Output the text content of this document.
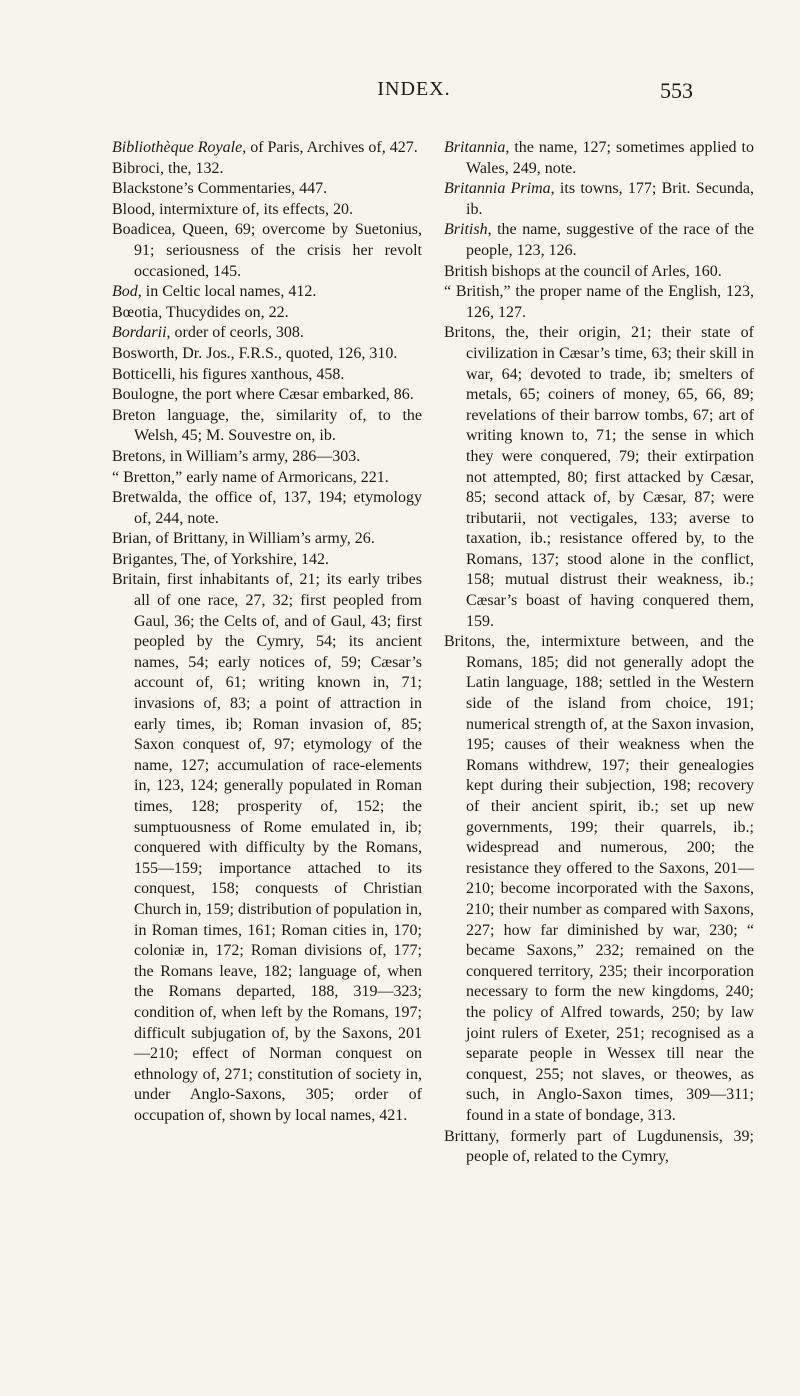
INDEX.	553

Bibliothèque Royale, of Paris, Archives of, 427.

Bibroci, the, 132.

Blackstone’s Commentaries, 447.

Blood, intermixture of, its effects, 20.

Boadicea, Queen, 69; overcome by Suetonius, 91; seriousness of the crisis her revolt occasioned, 145.

Bod, in Celtic local names, 412.

Bœotia, Thucydides on, 22.

Bordarii, order of ceorls, 308.

Bosworth, Dr. Jos., F.R.S., quoted, 126, 310.

Botticelli, his figures xanthous, 458.

Boulogne, the port where Cæsar embarked, 86.

Breton language, the, similarity of, to the Welsh, 45; M. Souvestre on, ib.

Bretons, in William’s army, 286—303.

“ Bretton,” early name of Armoricans, 221.

Bretwalda, the office of, 137, 194; etymology of, 244, note.

Brian, of Brittany, in William’s army, 26.

Brigantes, The, of Yorkshire, 142.

Britain, first inhabitants of, 21; its early tribes all of one race, 27, 32; first peopled from Gaul, 36; the Celts of, and of Gaul, 43; first peopled by the Cymry, 54; its ancient names, 54; early notices of, 59; Cæsar’s account of, 61; writing known in, 71; invasions of, 83; a point of attraction in early times, ib; Roman invasion of, 85; Saxon conquest of, 97; etymology of the name, 127; accumulation of race-elements in, 123, 124; generally populated in Roman times, 128; prosperity of, 152; the sumptuousness of Rome emulated in, ib; conquered with difficulty by the Romans, 155—159; importance attached to its conquest, 158; conquests of Christian Church in, 159; distribution of population in, in Roman times, 161; Roman cities in, 170; coloniæ in, 172; Roman divisions of, 177; the Romans leave, 182; language of, when the Romans departed, 188, 319—323; condition of, when left by the Romans, 197; difficult subjugation of, by the Saxons, 201—210; effect of Norman conquest on ethnology of, 271; constitution of society in, under Anglo-Saxons, 305; order of occupation of, shown by local names, 421.

Britannia, the name, 127; sometimes applied to Wales, 249, note.

Britannia Prima, its towns, 177; Brit. Secunda, ib.

British, the name, suggestive of the race of the people, 123, 126.

British bishops at the council of Arles, 160.

“ British,” the proper name of the English, 123, 126, 127.

Britons, the, their origin, 21; their state of civilization in Cæsar’s time, 63; their skill in war, 64; devoted to trade, ib; smelters of metals, 65; coiners of money, 65, 66, 89; revelations of their barrow tombs, 67; art of writing known to, 71; the sense in which they were conquered, 79; their extirpation not attempted, 80; first attacked by Cæsar, 85; second attack of, by Cæsar, 87; were tributarii, not vectigales, 133; averse to taxation, ib.; resistance offered by, to the Romans, 137; stood alone in the conflict, 158; mutual distrust their weakness, ib.; Cæsar’s boast of having conquered them, 159.

Britons, the, intermixture between, and the Romans, 185; did not generally adopt the Latin language, 188; settled in the Western side of the island from choice, 191; numerical strength of, at the Saxon invasion, 195; causes of their weakness when the Romans withdrew, 197; their genealogies kept during their subjection, 198; recovery of their ancient spirit, ib.; set up new governments, 199; their quarrels, ib.; widespread and numerous, 200; the resistance they offered to the Saxons, 201—210; become incorporated with the Saxons, 210; their number as compared with Saxons, 227; how far diminished by war, 230; “ became Saxons,” 232; remained on the conquered territory, 235; their incorporation necessary to form the new kingdoms, 240; the policy of Alfred towards, 250; by law joint rulers of Exeter, 251; recognised as a separate people in Wessex till near the conquest, 255; not slaves, or theowes, as such, in Anglo-Saxon times, 309—311; found in a state of bondage, 313.

Brittany, formerly part of Lugdunensis, 39; people of, related to the Cymry,
